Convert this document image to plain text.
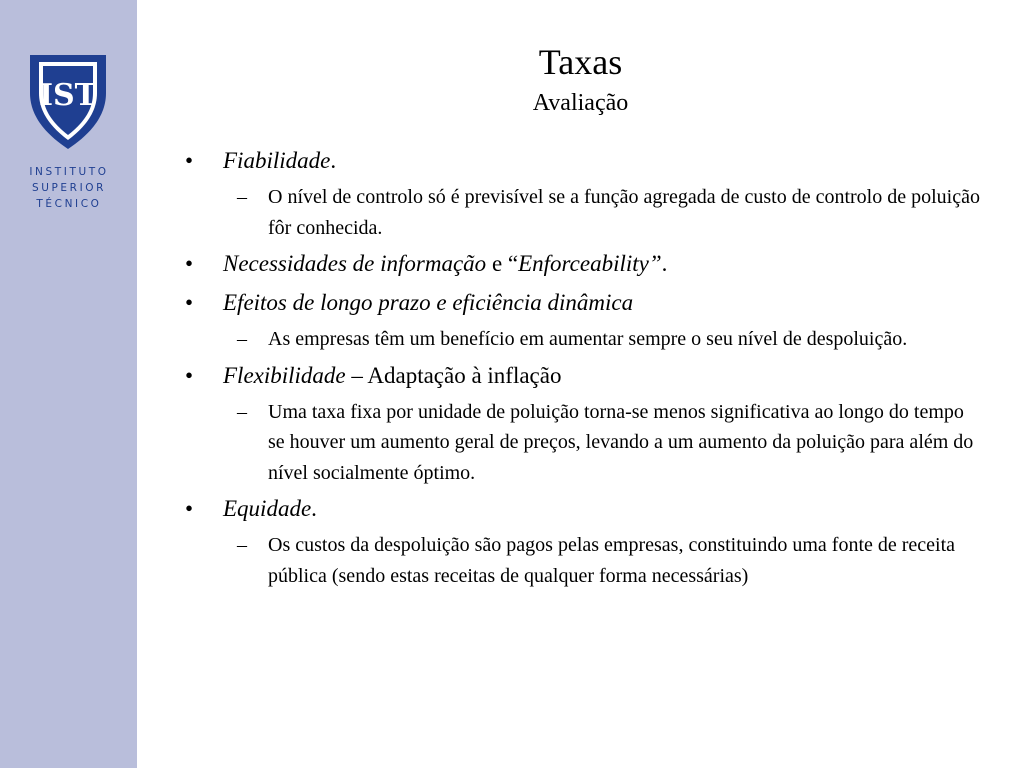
IST
INSTITUTO
SUPERIOR
TÉCNICO
Taxas
Avaliação
• Fiabilidade.
– O nível de controlo só é previsível se a função agregada de custo de controlo de poluição fôr conhecida.
• Necessidades de informação e “Enforceability”.
• Efeitos de longo prazo e eficiência dinâmica
– As empresas têm um benefício em aumentar sempre o seu nível de despoluição.
• Flexibilidade – Adaptação à inflação
– Uma taxa fixa por unidade de poluição torna-se menos significativa ao longo do tempo se houver um aumento geral de preços, levando a um aumento da poluição para além do nível socialmente óptimo.
• Equidade.
– Os custos da despoluição são pagos pelas empresas, constituindo uma fonte de receita pública (sendo estas receitas de qualquer forma necessárias)
